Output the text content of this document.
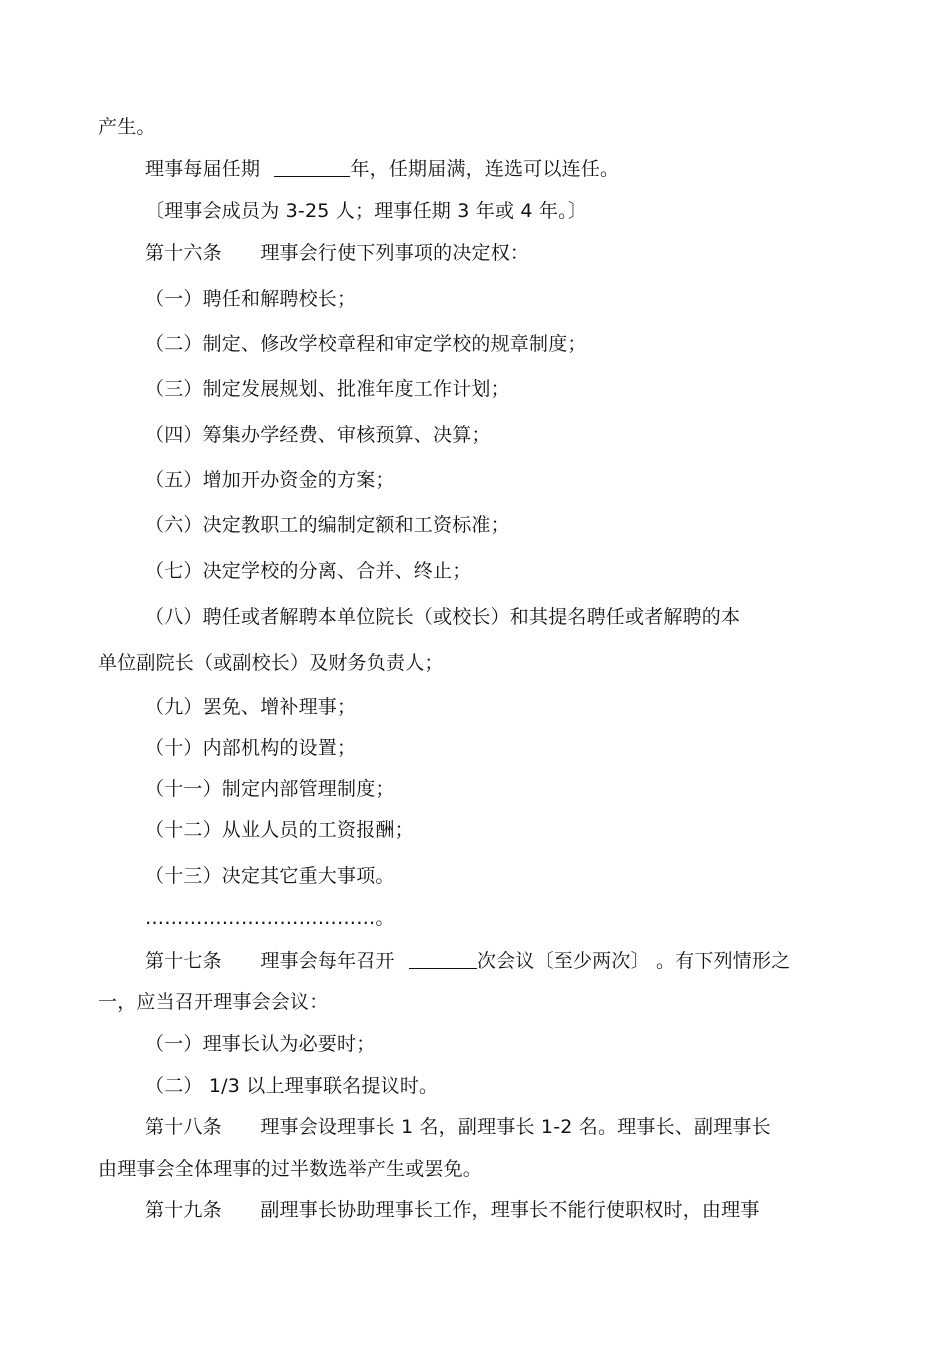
产生。
理事每届任期	年，任期届满，连选可以连任。
〔理事会成员为 3-25 人；理事任期 3 年或 4 年。〕
第十六条 理事会行使下列事项的决定权：
（一）聘任和解聘校长；
（二）制定、修改学校章程和审定学校的规章制度；
（三）制定发展规划、批准年度工作计划；
（四）筹集办学经费、审核预算、决算；
（五）增加开办资金的方案；
（六）决定教职工的编制定额和工资标准；
（七）决定学校的分离、合并、终止；
（八）聘任或者解聘本单位院长（或校长）和其提名聘任或者解聘的本
单位副院长（或副校长）及财务负责人；
（九）罢免、增补理事；
（十）内部机构的设置；
（十一）制定内部管理制度；
（十二）从业人员的工资报酬；
（十三）决定其它重大事项。
………………………………。
第十七条 理事会每年召开	次会议〔至少两次〕 。有下列情形之
一，应当召开理事会会议：
（一）理事长认为必要时；
（二） 1/3 以上理事联名提议时。
第十八条 理事会设理事长 1 名，副理事长 1-2 名。理事长、副理事长
由理事会全体理事的过半数选举产生或罢免。
第十九条 副理事长协助理事长工作，理事长不能行使职权时，由理事
